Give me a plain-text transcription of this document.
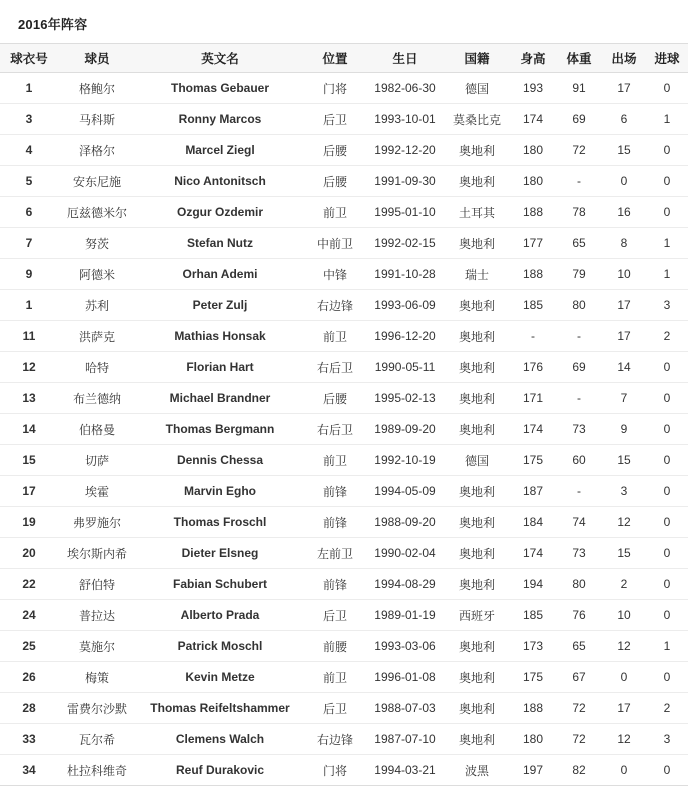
2016年阵容
球衣号	球员	英文名	位置	生日	国籍	身高	体重	出场	进球
1	格鲍尔	Thomas Gebauer	门将	1982-06-30	德国	193	91	17	0
3	马科斯	Ronny Marcos	后卫	1993-10-01	莫桑比克	174	69	6	1
4	泽格尔	Marcel Ziegl	后腰	1992-12-20	奥地利	180	72	15	0
5	安东尼施	Nico Antonitsch	后腰	1991-09-30	奥地利	180	-	0	0
6	厄兹德米尔	Ozgur Ozdemir	前卫	1995-01-10	土耳其	188	78	16	0
7	努茨	Stefan Nutz	中前卫	1992-02-15	奥地利	177	65	8	1
9	阿德米	Orhan Ademi	中锋	1991-10-28	瑞士	188	79	10	1
1	苏利	Peter Zulj	右边锋	1993-06-09	奥地利	185	80	17	3
11	洪萨克	Mathias Honsak	前卫	1996-12-20	奥地利	-	-	17	2
12	哈特	Florian Hart	右后卫	1990-05-11	奥地利	176	69	14	0
13	布兰德纳	Michael Brandner	后腰	1995-02-13	奥地利	171	-	7	0
14	伯格曼	Thomas Bergmann	右后卫	1989-09-20	奥地利	174	73	9	0
15	切萨	Dennis Chessa	前卫	1992-10-19	德国	175	60	15	0
17	埃霍	Marvin Egho	前锋	1994-05-09	奥地利	187	-	3	0
19	弗罗施尔	Thomas Froschl	前锋	1988-09-20	奥地利	184	74	12	0
20	埃尔斯内希	Dieter Elsneg	左前卫	1990-02-04	奥地利	174	73	15	0
22	舒伯特	Fabian Schubert	前锋	1994-08-29	奥地利	194	80	2	0
24	普拉达	Alberto Prada	后卫	1989-01-19	西班牙	185	76	10	0
25	莫施尔	Patrick Moschl	前腰	1993-03-06	奥地利	173	65	12	1
26	梅策	Kevin Metze	前卫	1996-01-08	奥地利	175	67	0	0
28	雷费尔沙默	Thomas Reifeltshammer	后卫	1988-07-03	奥地利	188	72	17	2
33	瓦尔希	Clemens Walch	右边锋	1987-07-10	奥地利	180	72	12	3
34	杜拉科维奇	Reuf Durakovic	门将	1994-03-21	波黑	197	82	0	0
